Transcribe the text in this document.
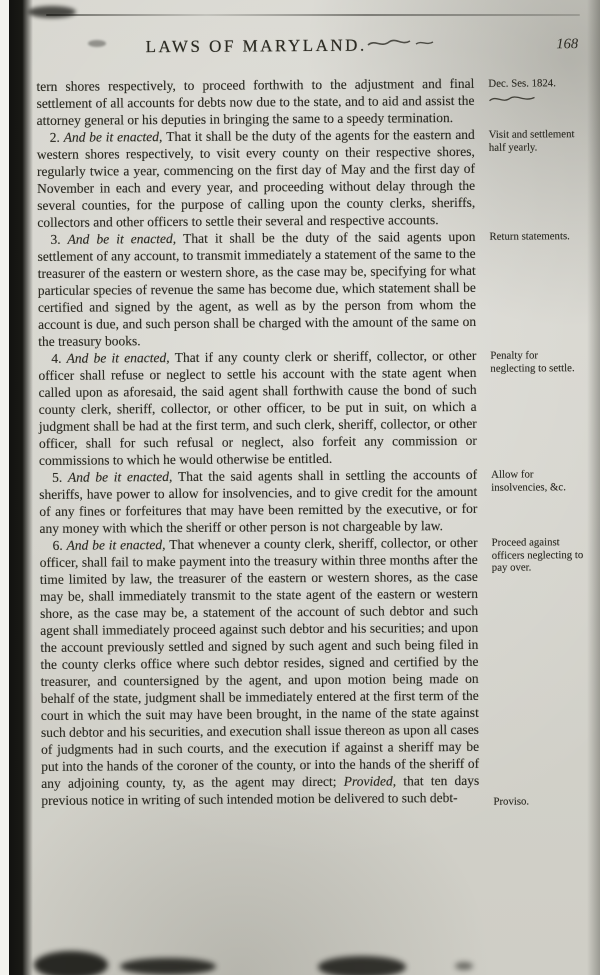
LAWS OF MARYLAND.	168
tern shores respectively, to proceed forthwith to the adjustment and final settlement of all accounts for debts now due to the state, and to aid and assist the attorney general or his deputies in bringing the same to a speedy termination.
Dec. Ses. 1824.
2. And be it enacted, That it shall be the duty of the agents for the eastern and western shores respectively, to visit every county on their respective shores, regularly twice a year, commencing on the first day of May and the first day of November in each and every year, and proceeding without delay through the several counties, for the purpose of calling upon the county clerks, sheriffs, collectors and other officers to settle their several and respective accounts.
Visit and settlement half yearly.
3. And be it enacted, That it shall be the duty of the said agents upon settlement of any account, to transmit immediately a statement of the same to the treasurer of the eastern or western shore, as the case may be, specifying for what particular species of revenue the same has become due, which statement shall be certified and signed by the agent, as well as by the person from whom the account is due, and such person shall be charged with the amount of the same on the treasury books.
Return statements.
4. And be it enacted, That if any county clerk or sheriff, collector, or other officer shall refuse or neglect to settle his account with the state agent when called upon as aforesaid, the said agent shall forthwith cause the bond of such county clerk, sheriff, collector, or other officer, to be put in suit, on which a judgment shall be had at the first term, and such clerk, sheriff, collector, or other officer, shall for such refusal or neglect, also forfeit any commission or commissions to which he would otherwise be entitled.
Penalty for neglecting to settle.
5. And be it enacted, That the said agents shall in settling the accounts of sheriffs, have power to allow for insolvencies, and to give credit for the amount of any fines or forfeitures that may have been remitted by the executive, or for any money with which the sheriff or other person is not chargeable by law.
Allow for insolvencies, &c.
6. And be it enacted, That whenever a county clerk, sheriff, collector, or other officer, shall fail to make payment into the treasury within three months after the time limited by law, the treasurer of the eastern or western shores, as the case may be, shall immediately transmit to the state agent of the eastern or western shore, as the case may be, a statement of the account of such debtor and such agent shall immediately proceed against such debtor and his securities; and upon the account previously settled and signed by such agent and such being filed in the county clerks office where such debtor resides, signed and certified by the treasurer, and countersigned by the agent, and upon motion being made on behalf of the state, judgment shall be immediately entered at the first term of the court in which the suit may have been brought, in the name of the state against such debtor and his securities, and execution shall issue thereon as upon all cases of judgments had in such courts, and the execution if against a sheriff may be put into the hands of the coroner of the county, or into the hands of the sheriff of any adjoining county, ty, as the agent may direct; Provided, that ten days previous notice in writing of such intended motion be delivered to such debt-
Proceed against officers neglecting to pay over.
Proviso.
